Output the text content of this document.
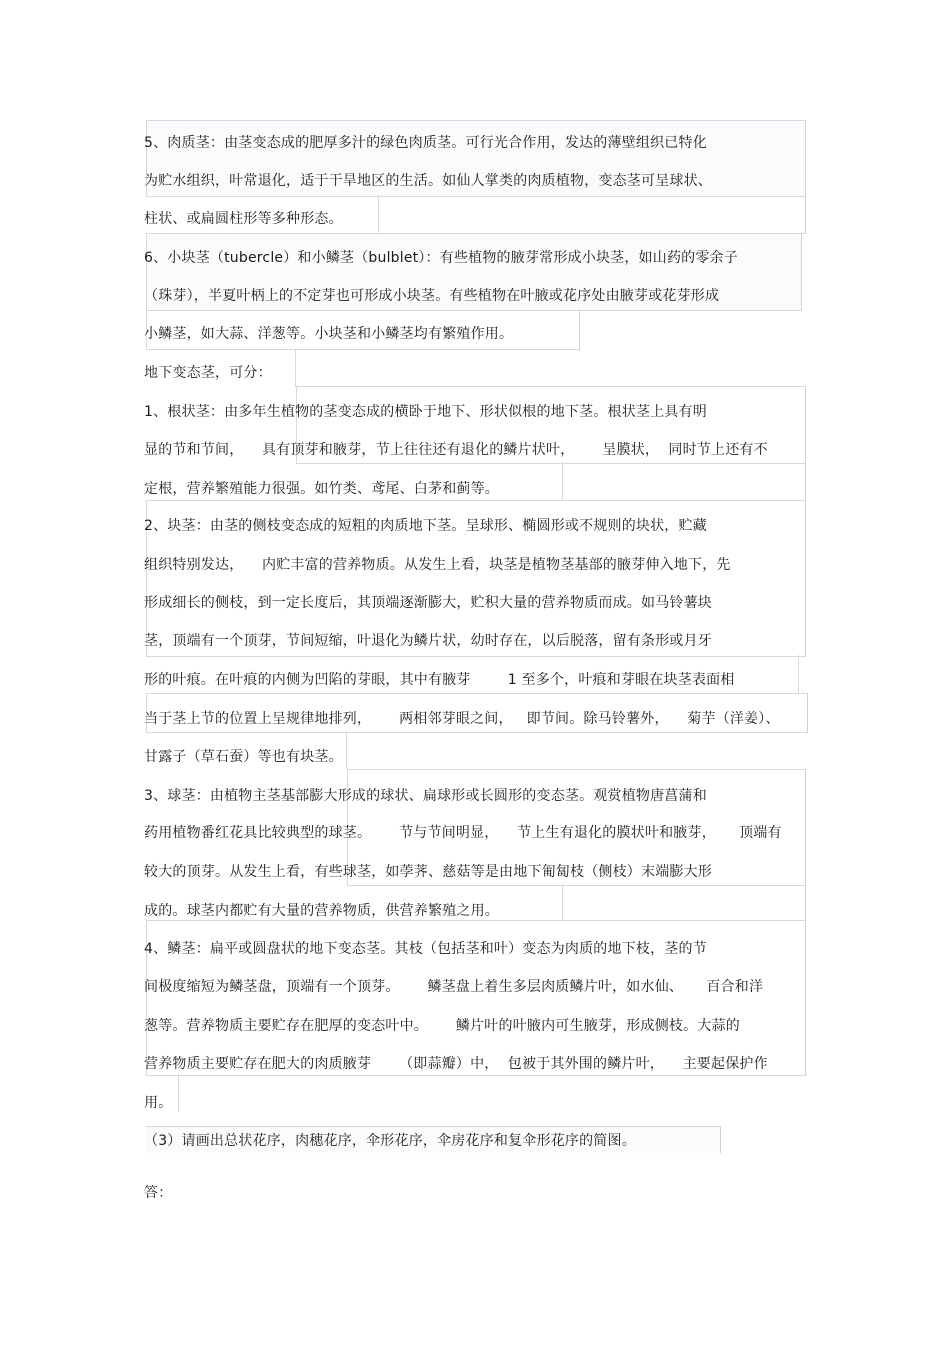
5、肉质茎：由茎变态成的肥厚多汁的绿色肉质茎。可行光合作用，发达的薄壁组织已特化
为贮水组织，叶常退化，适于干旱地区的生活。如仙人掌类的肉质植物，变态茎可呈球状、
柱状、或扁圆柱形等多种形态。
6、小块茎（tubercle）和小鳞茎（bulblet）：有些植物的腋芽常形成小块茎，如山药的零余子
（珠芽），半夏叶柄上的不定芽也可形成小块茎。有些植物在叶腋或花序处由腋芽或花芽形成
小鳞茎，如大蒜、洋葱等。小块茎和小鳞茎均有繁殖作用。
地下变态茎，可分：
1、根状茎：由多年生植物的茎变态成的横卧于地下、形状似根的地下茎。根状茎上具有明
显的节和节间，    具有顶芽和腋芽，节上往往还有退化的鳞片状叶，      呈膜状，  同时节上还有不
定根，营养繁殖能力很强。如竹类、鸢尾、白茅和蓟等。
2、块茎：由茎的侧枝变态成的短粗的肉质地下茎。呈球形、椭圆形或不规则的块状，贮藏
组织特别发达，    内贮丰富的营养物质。从发生上看，块茎是植物茎基部的腋芽伸入地下，先
形成细长的侧枝，到一定长度后，其顶端逐渐膨大，贮积大量的营养物质而成。如马铃薯块
茎，顶端有一个顶芽，节间短缩，叶退化为鳞片状，幼时存在，以后脱落，留有条形或月牙
形的叶痕。在叶痕的内侧为凹陷的芽眼，其中有腋芽        1 至多个，叶痕和芽眼在块茎表面相
当于茎上节的位置上呈规律地排列，      两相邻芽眼之间，   即节间。除马铃薯外，    菊芋（洋姜）、
甘露子（草石蚕）等也有块茎。
3、球茎：由植物主茎基部膨大形成的球状、扁球形或长圆形的变态茎。观赏植物唐菖蒲和
药用植物番红花具比较典型的球茎。      节与节间明显，    节上生有退化的膜状叶和腋芽，     顶端有
较大的顶芽。从发生上看，有些球茎，如荸荠、慈菇等是由地下匍匐枝（侧枝）末端膨大形
成的。球茎内都贮有大量的营养物质，供营养繁殖之用。
4、鳞茎：扁平或圆盘状的地下变态茎。其枝（包括茎和叶）变态为肉质的地下枝，茎的节
间极度缩短为鳞茎盘，顶端有一个顶芽。      鳞茎盘上着生多层肉质鳞片叶，如水仙、     百合和洋
葱等。营养物质主要贮存在肥厚的变态叶中。      鳞片叶的叶腋内可生腋芽，形成侧枝。大蒜的
营养物质主要贮存在肥大的肉质腋芽      （即蒜瓣）中，  包被于其外围的鳞片叶，    主要起保护作
用。
（3）请画出总状花序，肉穗花序，伞形花序，伞房花序和复伞形花序的简图。
答：
